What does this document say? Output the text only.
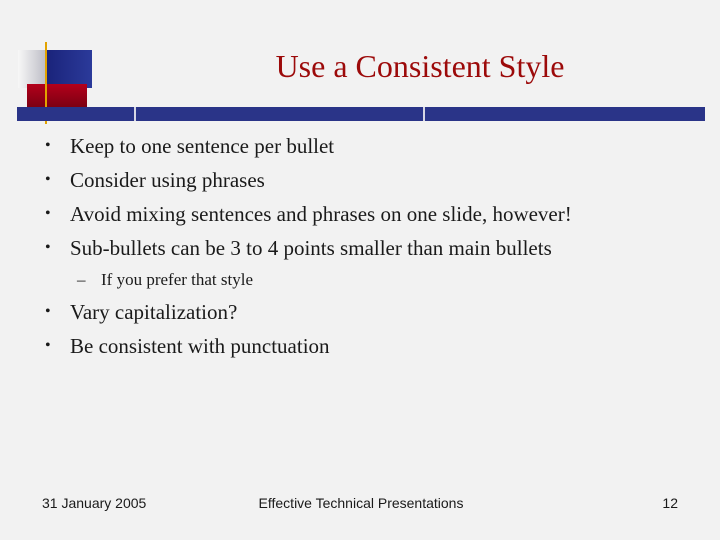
Use a Consistent Style
• Keep to one sentence per bullet
• Consider using phrases
• Avoid mixing sentences and phrases on one slide, however!
• Sub-bullets can be 3 to 4 points smaller than main bullets
– If you prefer that style
• Vary capitalization?
• Be consistent with punctuation
31 January 2005	Effective Technical Presentations	12
